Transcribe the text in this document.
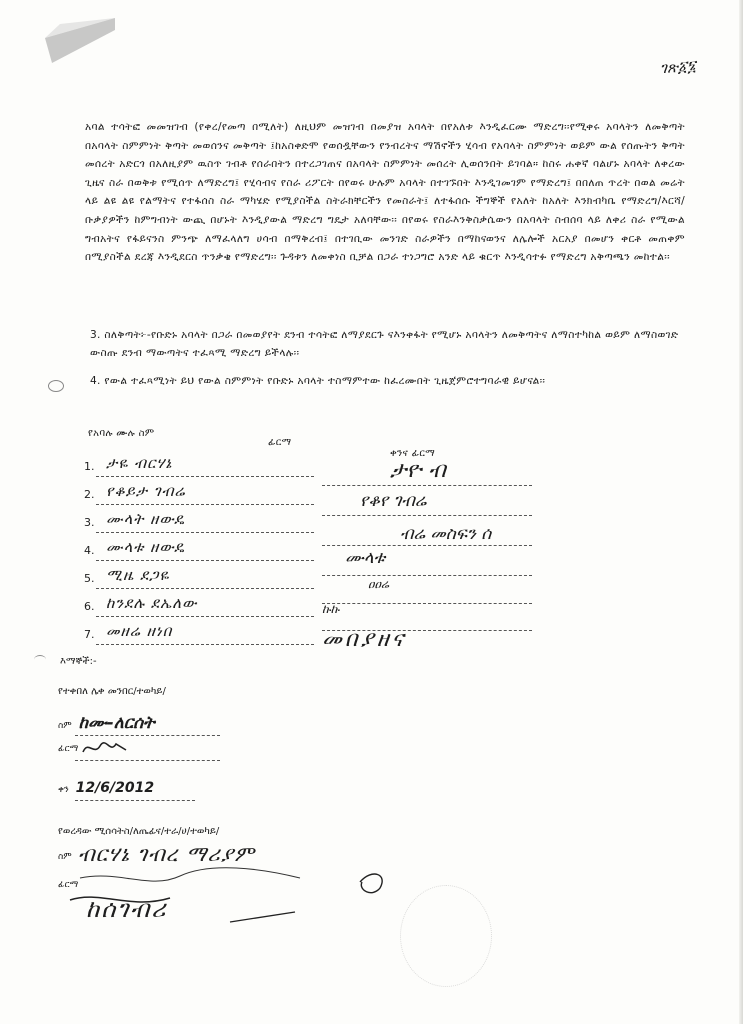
ገጽ፩፮
አባል ተሳትፎ መመዝገብ (የቀረ/የመጣ በሚለት) ለዚህም መዝገብ በመያዝ አባላት በየአለቱ እንዲፈርሙ ማድረግ፡፡የሚቀሩ አባላትን ለመቅጣት በአባላት ስምምነት ቅጣት መወሰንና መቅጣት ፤ከአስቀድሞ የወሰዷቸውን የንብረትና ማሽኖችን ሂሳብ የአባላት ስምምነት ወይም ውል የሰጡትን ቅጣት መሰረት አድርጎ በአለዚያም ዉስጥ ገብቶ የሰራበትን በተረጋገጠና በአባላት ስምምነት መሰረት ሊወሰንበት ይገባል። ከስሩ ሐቀኛ ባልሆኑ አባላት ለቀረው ጊዜና ስራ በወቅቱ የሚሰጥ ለማድረግ፤ የሂሳብና የስራ ሪፖርት በየወሩ ሁሉም አባላት በተገኙበት እንዲገመገም የማድረግ፤ በበለጠ ጥረት በወል መሬት ላይ ልዩ ልዩ የልማትና የተፋሰስ ስራ ማካሄድ የሚያስችል ስትራክቸርችን የመስራት፤ ለተፋሰሱ ችግኞች የአለት ከአለት እንክብካቤ የማድረግ/እርሻ/ ቡቃያዎችን ከምግብነት ውጪ በሆኑት እንዲያውል ማድረግ ግዴታ አለባቸው፡፡ በየወሩ የስራእንቅስቃሴውን በአባላት ስብሰባ ላይ ለቀሪ ስራ የሚውል ግብአትና የፋይናንስ ምንጭ ለማፈላለግ ሀሳብ በማቅረብ፤ በተገቢው መንገድ ስራዎችን በማከናወንና ለሌሎች አርአያ በመሆን ቀርቶ መጠቀም በሚያስችል ደረጃ እንዲደርስ ጥንቃቄ የማድረግ፡፡ ጉዳቱን ለመቀነስ ቢቻል በጋራ ተነጋግሮ አንድ ላይ ቁርጥ እንዲሳተፉ የማድረግ አቅጣጫን መከተል፡፡
3. ስለቅጣት፦-የቡድኑ አባላት በጋራ በመወያየት ደንብ ተሳትፎ ለማያደርጉ ናእንቀፋት የሚሆኑ አባላትን ለመቅጣትና ለማስተካከል ወይም ለማስወገድ ውስጡ ደንብ ማውጣትና ተፈጻሚ ማድረግ ይችላሉ፡፡
4. የውል ተፈጻሚነት ይህ የውል ስምምነት የቡድኑ አባላት ተስማምተው ከፈረሙበት ጊዜጀምሮተግባራዊ ይሆናል፡፡
የአባሉ ሙሉ ስም
ፊርማ
ቀንና ፊርማ
1. ታዬ ብርሃኔ
2. የቆይታ ገብሬ
3. ሙላት ዘውዴ
4. ሙላቱ ዘውዴ
5. ሚዜ ደጋዬ
6. ከንደሉ ደኤለው
7. መዘሬ ዘነበ
ታዮ ብ
የቆየ ገብሬ
ብሬ መስፍን ሰ
ሙላቱ
ዐዐሬ
ኩኩ
መበያዘና
እማኞች:-
የተቀበለ ሌቀ መንበር/ተወካይ/
ስም ከሙ-ለርሰት
ፊርማ
ቀን 12/6/2012
የወረዳው ሚሰሳትስ/ለጤፊና/ተራ/ሀ/ተወካይ/
ስም ብርሃኔ ገብረ ማሪያም
ፊርማ
ከሰገብሪ
